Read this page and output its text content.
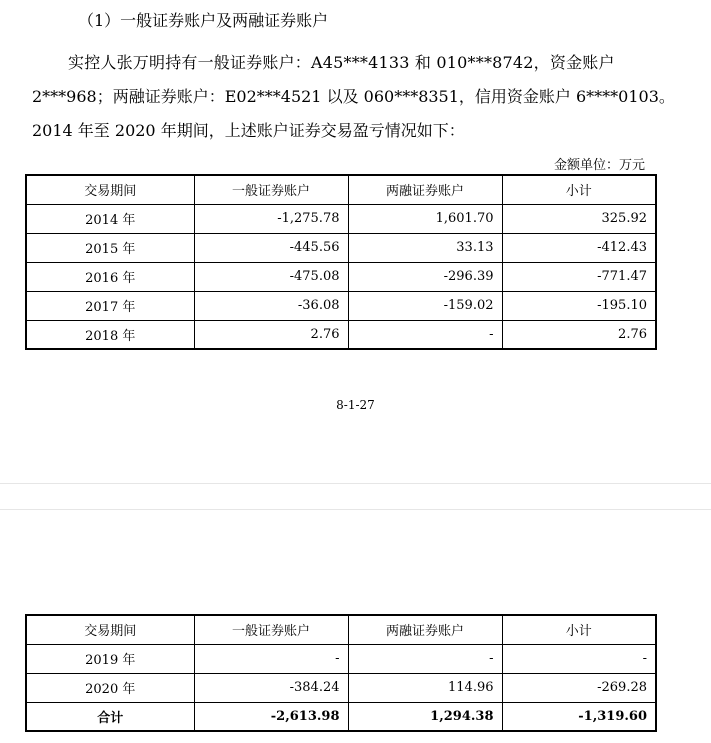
（1）一般证券账户及两融证券账户
实控人张万明持有一般证券账户：A45***4133 和 010***8742，资金账户
2***968；两融证券账户：E02***4521 以及 060***8351，信用资金账户 6****0103。
2014 年至 2020 年期间，上述账户证券交易盈亏情况如下：
金额单位：万元
交易期间	一般证券账户	两融证券账户	小计
2014 年	-1,275.78	1,601.70	325.92
2015 年	-445.56	33.13	-412.43
2016 年	-475.08	-296.39	-771.47
2017 年	-36.08	-159.02	-195.10
2018 年	2.76	-	2.76
8-1-27
交易期间	一般证券账户	两融证券账户	小计
2019 年	-	-	-
2020 年	-384.24	114.96	-269.28
合计	-2,613.98	1,294.38	-1,319.60
